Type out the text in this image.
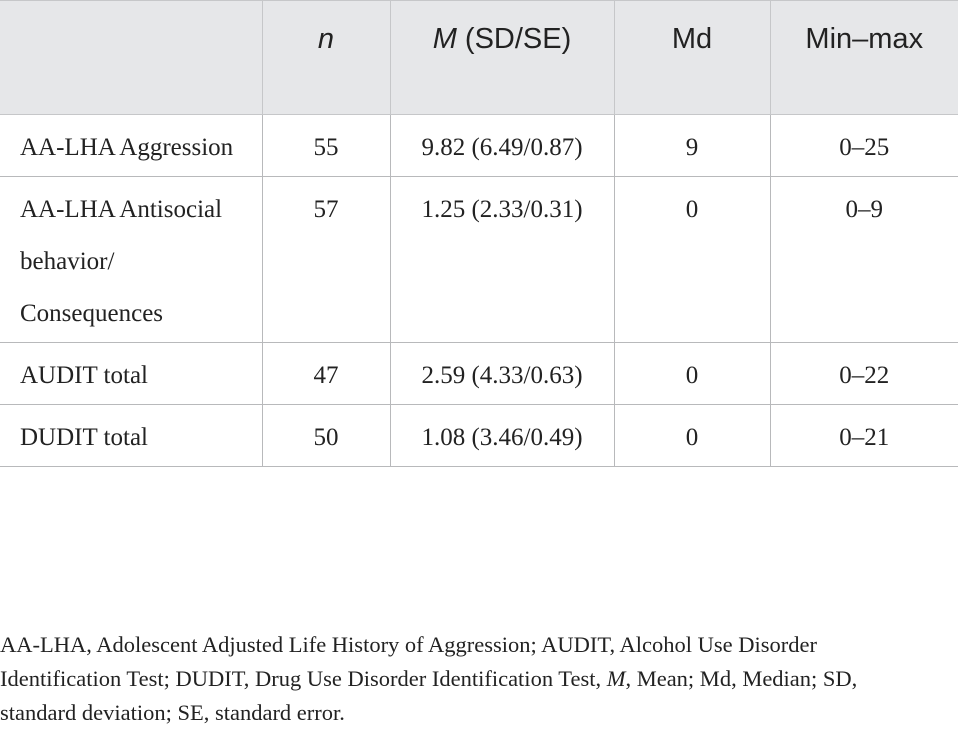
	n	M (SD/SE)	Md	Min–max
AA-LHA Aggression	55	9.82 (6.49/0.87)	9	0–25
AA-LHA Antisocial behavior/ Consequences	57	1.25 (2.33/0.31)	0	0–9
AUDIT total	47	2.59 (4.33/0.63)	0	0–22
DUDIT total	50	1.08 (3.46/0.49)	0	0–21

AA-LHA, Adolescent Adjusted Life History of Aggression; AUDIT, Alcohol Use Disorder Identification Test; DUDIT, Drug Use Disorder Identification Test, M, Mean; Md, Median; SD, standard deviation; SE, standard error.
